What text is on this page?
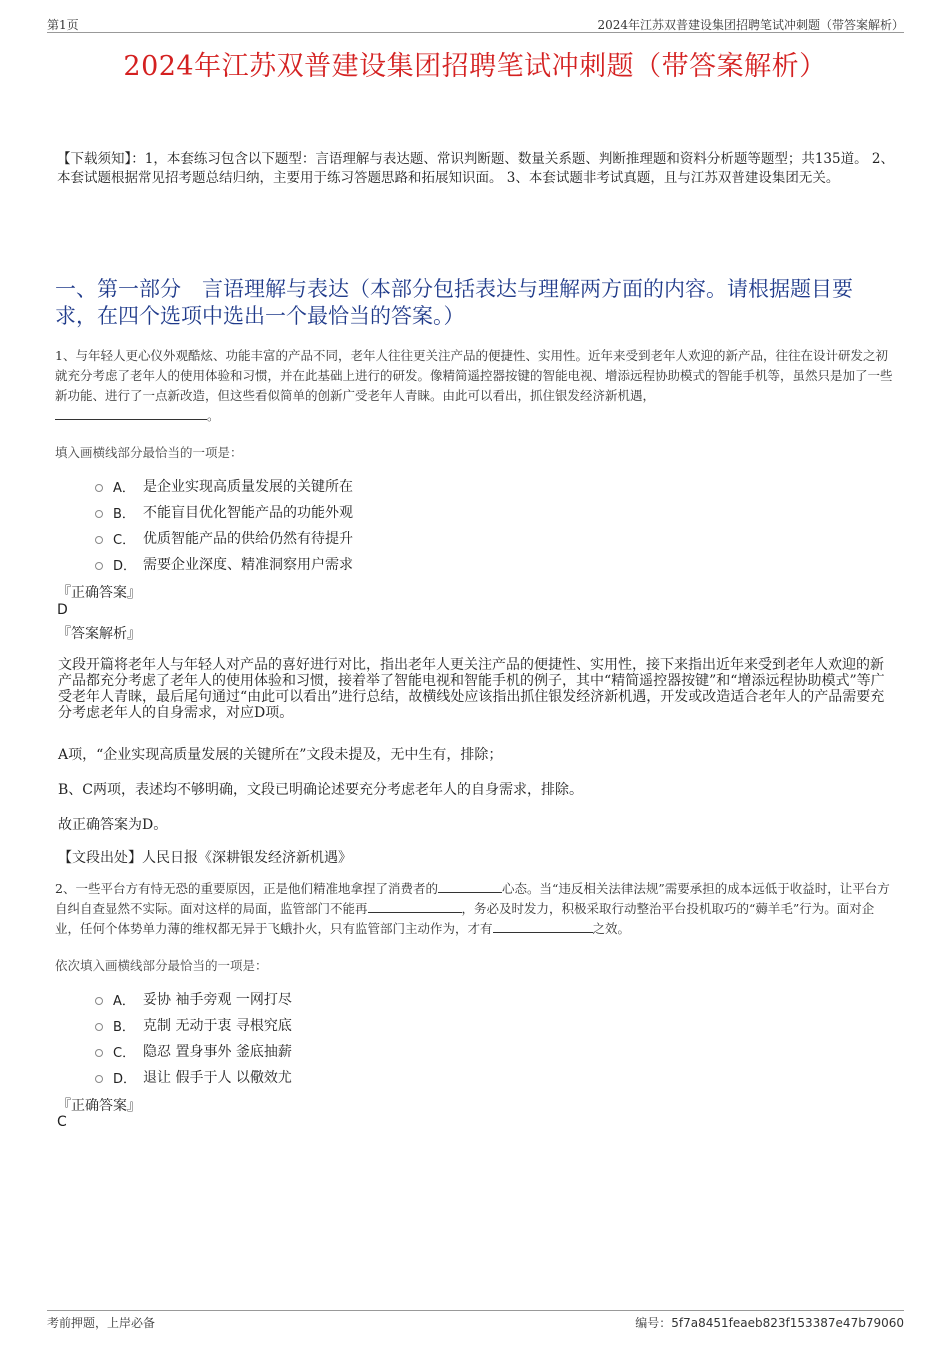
第1页	2024年江苏双普建设集团招聘笔试冲刺题（带答案解析）
2024年江苏双普建设集团招聘笔试冲刺题（带答案解析）
【下载须知】：1，本套练习包含以下题型：言语理解与表达题、常识判断题、数量关系题、判断推理题和资料分析题等题型；共135道。 2、本套试题根据常见招考题总结归纳，主要用于练习答题思路和拓展知识面。 3、本套试题非考试真题，且与江苏双普建设集团无关。
一、第一部分　言语理解与表达（本部分包括表达与理解两方面的内容。请根据题目要求，在四个选项中选出一个最恰当的答案。）
1、与年轻人更心仪外观酷炫、功能丰富的产品不同，老年人往往更关注产品的便捷性、实用性。近年来受到老年人欢迎的新产品，往往在设计研发之初就充分考虑了老年人的使用体验和习惯，并在此基础上进行的研发。像精简遥控器按键的智能电视、增添远程协助模式的智能手机等，虽然只是加了一些新功能、进行了一点新改造，但这些看似简单的创新广受老年人青睐。由此可以看出，抓住银发经济新机遇，
。
填入画横线部分最恰当的一项是：
A． 是企业实现高质量发展的关键所在
B． 不能盲目优化智能产品的功能外观
C． 优质智能产品的供给仍然有待提升
D． 需要企业深度、精准洞察用户需求
『正确答案』
D
『答案解析』
文段开篇将老年人与年轻人对产品的喜好进行对比，指出老年人更关注产品的便捷性、实用性，接下来指出近年来受到老年人欢迎的新产品都充分考虑了老年人的使用体验和习惯，接着举了智能电视和智能手机的例子，其中“精简遥控器按键”和“增添远程协助模式”等广受老年人青睐，最后尾句通过“由此可以看出”进行总结，故横线处应该指出抓住银发经济新机遇，开发或改造适合老年人的产品需要充分考虑老年人的自身需求，对应D项。
A项，“企业实现高质量发展的关键所在”文段未提及，无中生有，排除；
B、C两项，表述均不够明确，文段已明确论述要充分考虑老年人的自身需求，排除。
故正确答案为D。
【文段出处】人民日报《深耕银发经济新机遇》
2、一些平台方有恃无恐的重要原因，正是他们精准地拿捏了消费者的	心态。当“违反相关法律法规”需要承担的成本远低于收益时，让平台方自纠自查显然不实际。面对这样的局面，监管部门不能再	，务必及时发力，积极采取行动整治平台投机取巧的“薅羊毛”行为。面对企业，任何个体势单力薄的维权都无异于飞蛾扑火，只有监管部门主动作为，才有	之效。
依次填入画横线部分最恰当的一项是：
A． 妥协 袖手旁观 一网打尽
B． 克制 无动于衷 寻根究底
C． 隐忍 置身事外 釜底抽薪
D． 退让 假手于人 以儆效尤
『正确答案』
C
考前押题，上岸必备	编号：5f7a8451feaeb823f153387e47b79060
